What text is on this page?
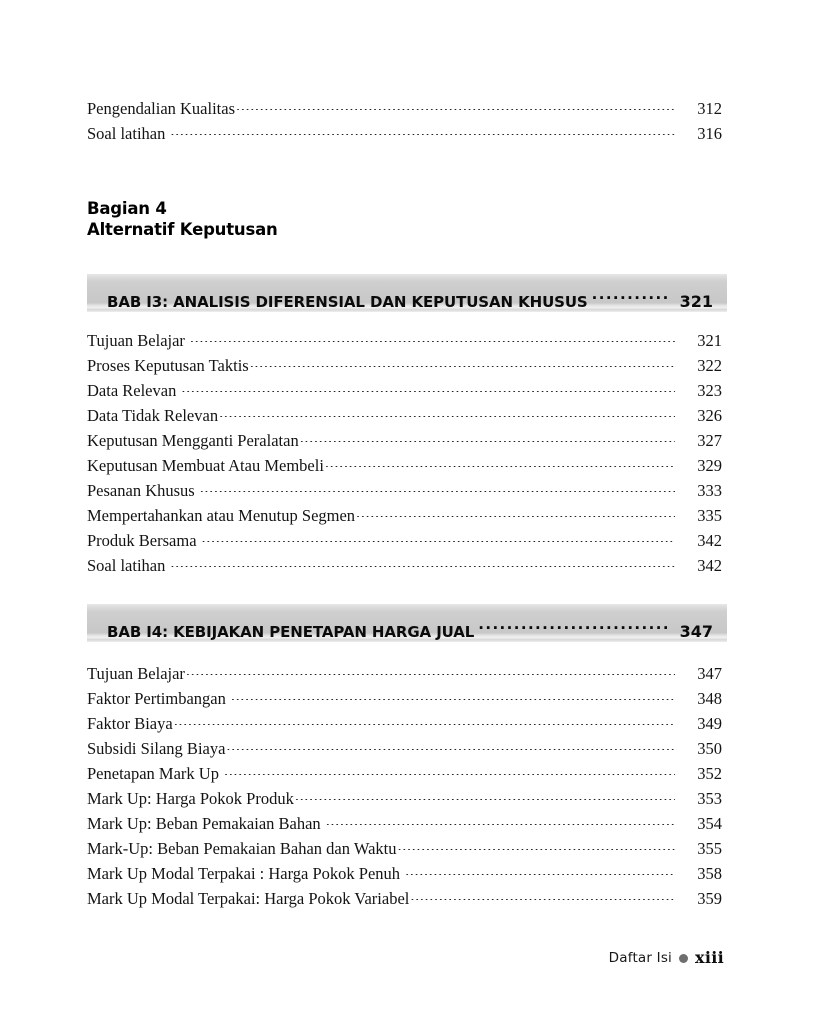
Pengendalian Kualitas .....	312
Soal latihan .....	316
Bagian 4
Alternatif Keputusan
BAB I3: ANALISIS DIFERENSIAL DAN KEPUTUSAN KHUSUS .....	321
Tujuan Belajar .....	321
Proses Keputusan Taktis .....	322
Data Relevan .....	323
Data Tidak Relevan .....	326
Keputusan Mengganti Peralatan .....	327
Keputusan Membuat Atau Membeli .....	329
Pesanan Khusus .....	333
Mempertahankan atau Menutup Segmen .....	335
Produk Bersama .....	342
Soal latihan .....	342
BAB I4: KEBIJAKAN PENETAPAN HARGA JUAL .....	347
Tujuan Belajar .....	347
Faktor Pertimbangan .....	348
Faktor Biaya .....	349
Subsidi Silang Biaya .....	350
Penetapan Mark Up .....	352
Mark Up: Harga Pokok Produk .....	353
Mark Up: Beban Pemakaian Bahan .....	354
Mark-Up: Beban Pemakaian Bahan dan Waktu .....	355
Mark Up Modal Terpakai : Harga Pokok Penuh .....	358
Mark Up Modal Terpakai: Harga Pokok Variabel .....	359
Daftar Isi xiii
